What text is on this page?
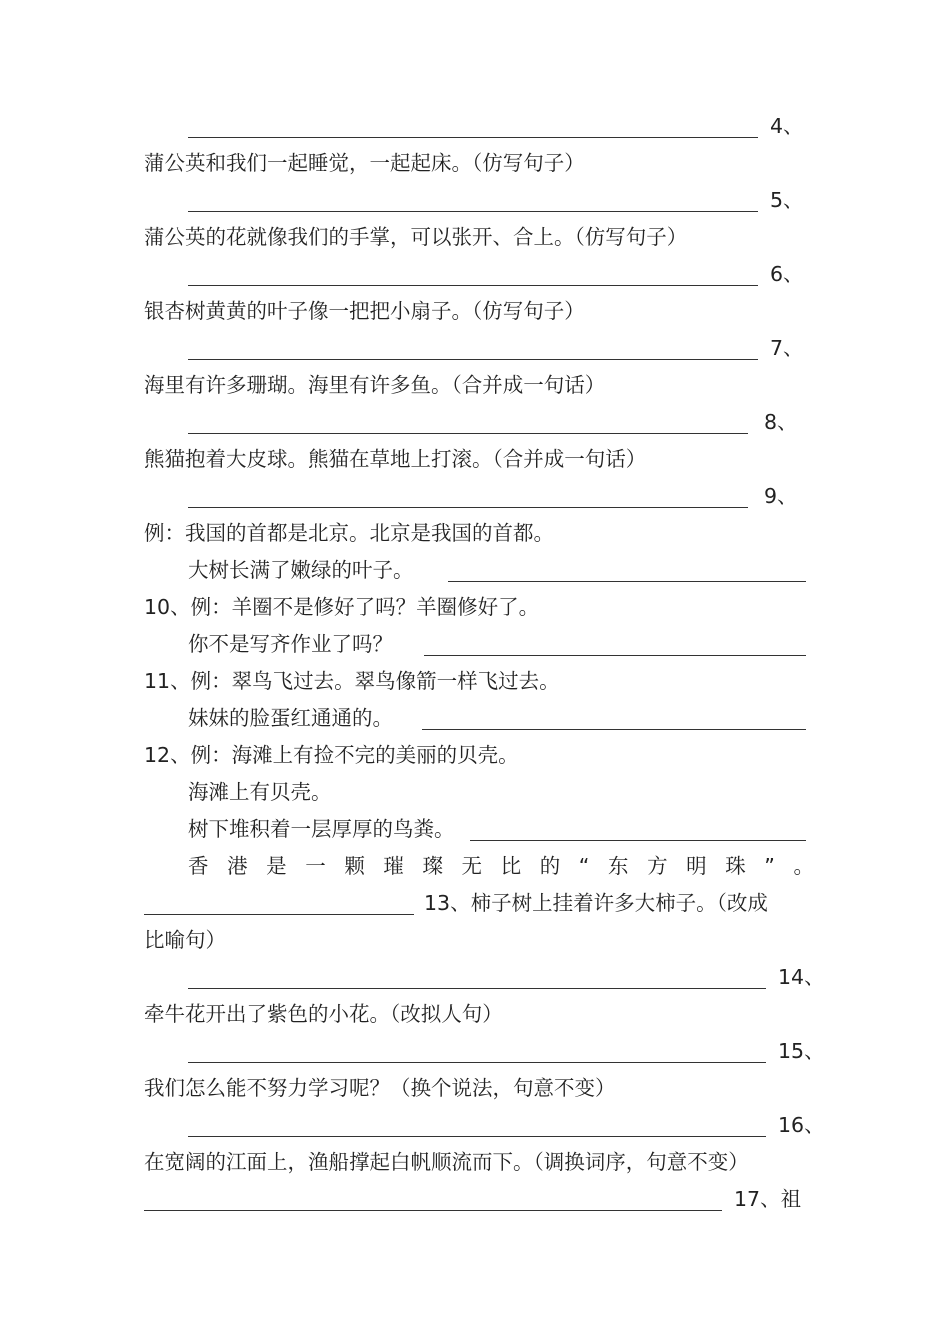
4、
蒲公英和我们一起睡觉，一起起床。（仿写句子）
5、
蒲公英的花就像我们的手掌，可以张开、合上。（仿写句子）
6、
银杏树黄黄的叶子像一把把小扇子。（仿写句子）
7、
海里有许多珊瑚。海里有许多鱼。（合并成一句话）
8、
熊猫抱着大皮球。熊猫在草地上打滚。（合并成一句话）
9、
例：我国的首都是北京。北京是我国的首都。
大树长满了嫩绿的叶子。
10、例：羊圈不是修好了吗？羊圈修好了。
你不是写齐作业了吗？
11、例：翠鸟飞过去。翠鸟像箭一样飞过去。
妹妹的脸蛋红通通的。
12、例：海滩上有捡不完的美丽的贝壳。
海滩上有贝壳。
树下堆积着一层厚厚的鸟粪。
香 港 是 一 颗 璀 璨 无 比 的 “ 东 方 明 珠 ” 。
13、柿子树上挂着许多大柿子。（改成
比喻句）
14、
牵牛花开出了紫色的小花。（改拟人句）
15、
我们怎么能不努力学习呢？（换个说法，句意不变）
16、
在宽阔的江面上，渔船撑起白帆顺流而下。（调换词序，句意不变）
17、祖
